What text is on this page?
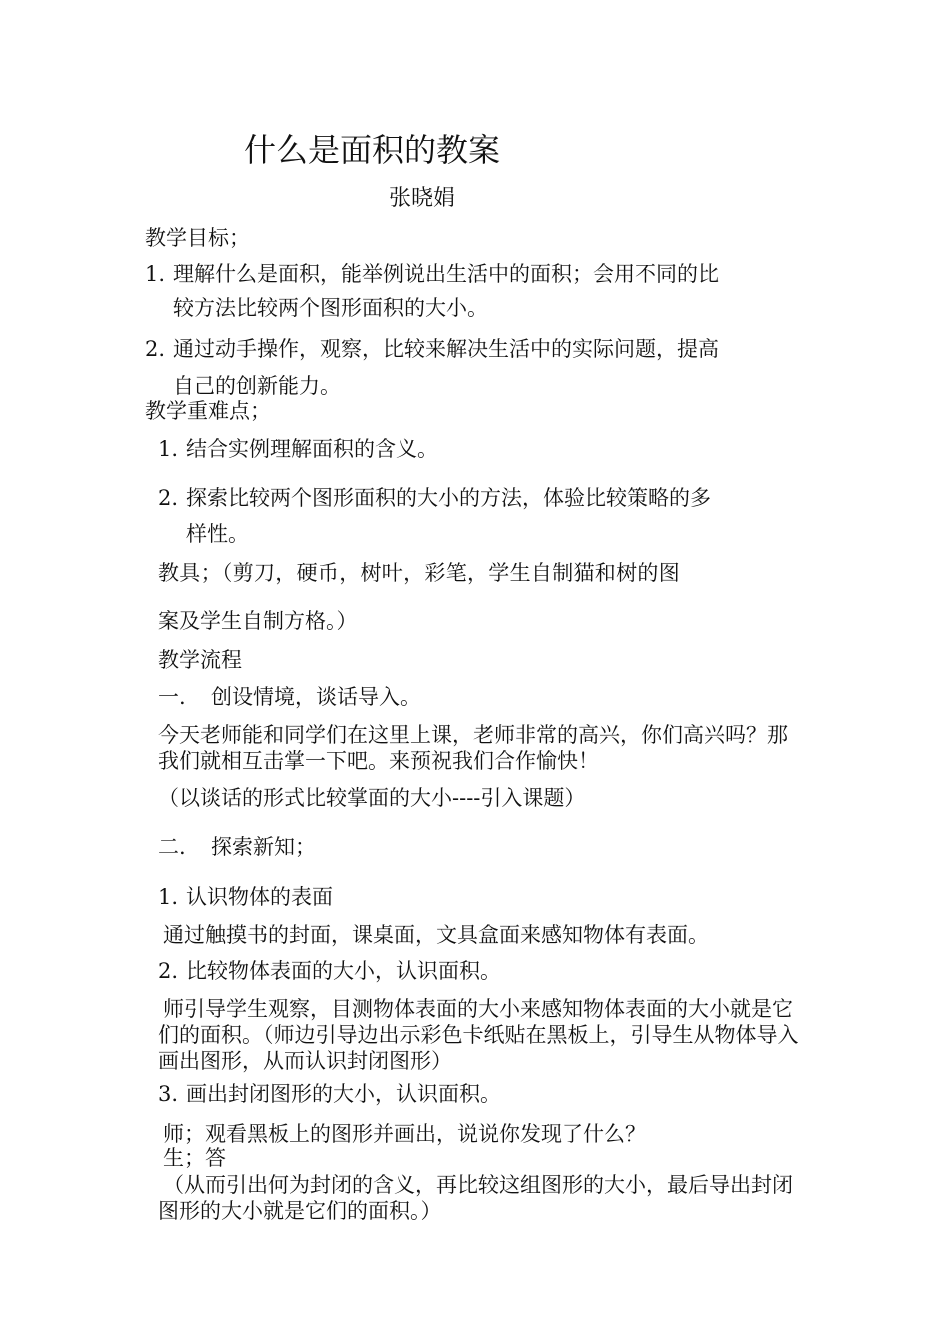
什么是面积的教案
张晓娟
教学目标；
1. 理解什么是面积，能举例说出生活中的面积；会用不同的比
较方法比较两个图形面积的大小。
2. 通过动手操作，观察，比较来解决生活中的实际问题，提高
自己的创新能力。
教学重难点；
1. 结合实例理解面积的含义。
2. 探索比较两个图形面积的大小的方法，体验比较策略的多
样性。
教具；（剪刀，硬币，树叶，彩笔，学生自制猫和树的图
案及学生自制方格。）
教学流程
一. 创设情境，谈话导入。
今天老师能和同学们在这里上课，老师非常的高兴，你们高兴吗？那我们就相互击掌一下吧。来预祝我们合作愉快！
（以谈话的形式比较掌面的大小----引入课题）
二. 探索新知；
1. 认识物体的表面
通过触摸书的封面，课桌面，文具盒面来感知物体有表面。
2. 比较物体表面的大小，认识面积。
师引导学生观察，目测物体表面的大小来感知物体表面的大小就是它们的面积。（师边引导边出示彩色卡纸贴在黑板上，引导生从物体导入画出图形，从而认识封闭图形）
3. 画出封闭图形的大小，认识面积。
师；观看黑板上的图形并画出，说说你发现了什么？
生；答
（从而引出何为封闭的含义，再比较这组图形的大小，最后导出封闭图形的大小就是它们的面积。）
